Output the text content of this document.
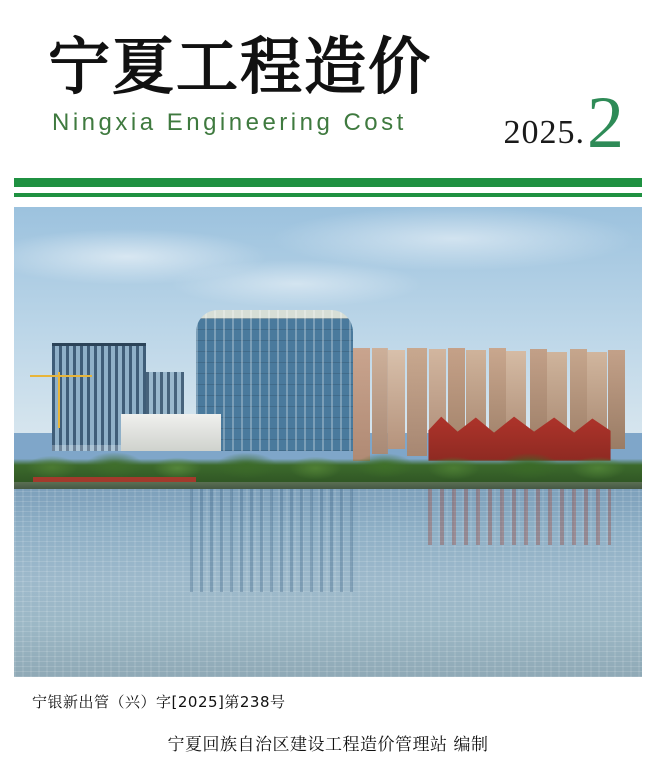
宁夏工程造价
Ningxia Engineering Cost	2025. 2
宁银新出管（兴）字[2025]第238号
宁夏回族自治区建设工程造价管理站 编制
